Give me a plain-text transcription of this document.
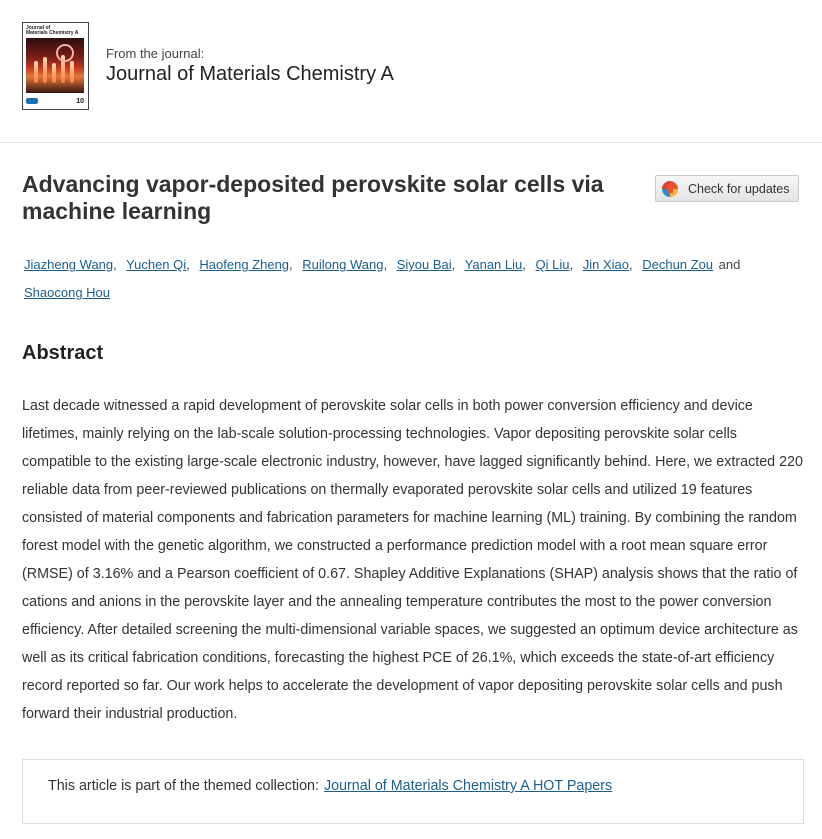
Journal of
Materials Chemistry A
10
From the journal:
Journal of Materials Chemistry A
Advancing vapor-deposited perovskite solar cells via machine learning
Check for updates
Jiazheng Wang, Yuchen Qi, Haofeng Zheng, Ruilong Wang, Siyou Bai, Yanan Liu, Qi Liu, Jin Xiao, Dechun Zou and
Shaocong Hou
Abstract

Last decade witnessed a rapid development of perovskite solar cells in both power conversion efficiency and device lifetimes, mainly relying on the lab-scale solution-processing technologies. Vapor depositing perovskite solar cells compatible to the existing large-scale electronic industry, however, have lagged significantly behind. Here, we extracted 220 reliable data from peer-reviewed publications on thermally evaporated perovskite solar cells and utilized 19 features consisted of material components and fabrication parameters for machine learning (ML) training. By combining the random forest model with the genetic algorithm, we constructed a performance prediction model with a root mean square error (RMSE) of 3.16% and a Pearson coefficient of 0.67. Shapley Additive Explanations (SHAP) analysis shows that the ratio of cations and anions in the perovskite layer and the annealing temperature contributes the most to the power conversion efficiency. After detailed screening the multi-dimensional variable spaces, we suggested an optimum device architecture as well as its critical fabrication conditions, forecasting the highest PCE of 26.1%, which exceeds the state-of-art efficiency record reported so far. Our work helps to accelerate the development of vapor depositing perovskite solar cells and push forward their industrial production.

This article is part of the themed collection: Journal of Materials Chemistry A HOT Papers
